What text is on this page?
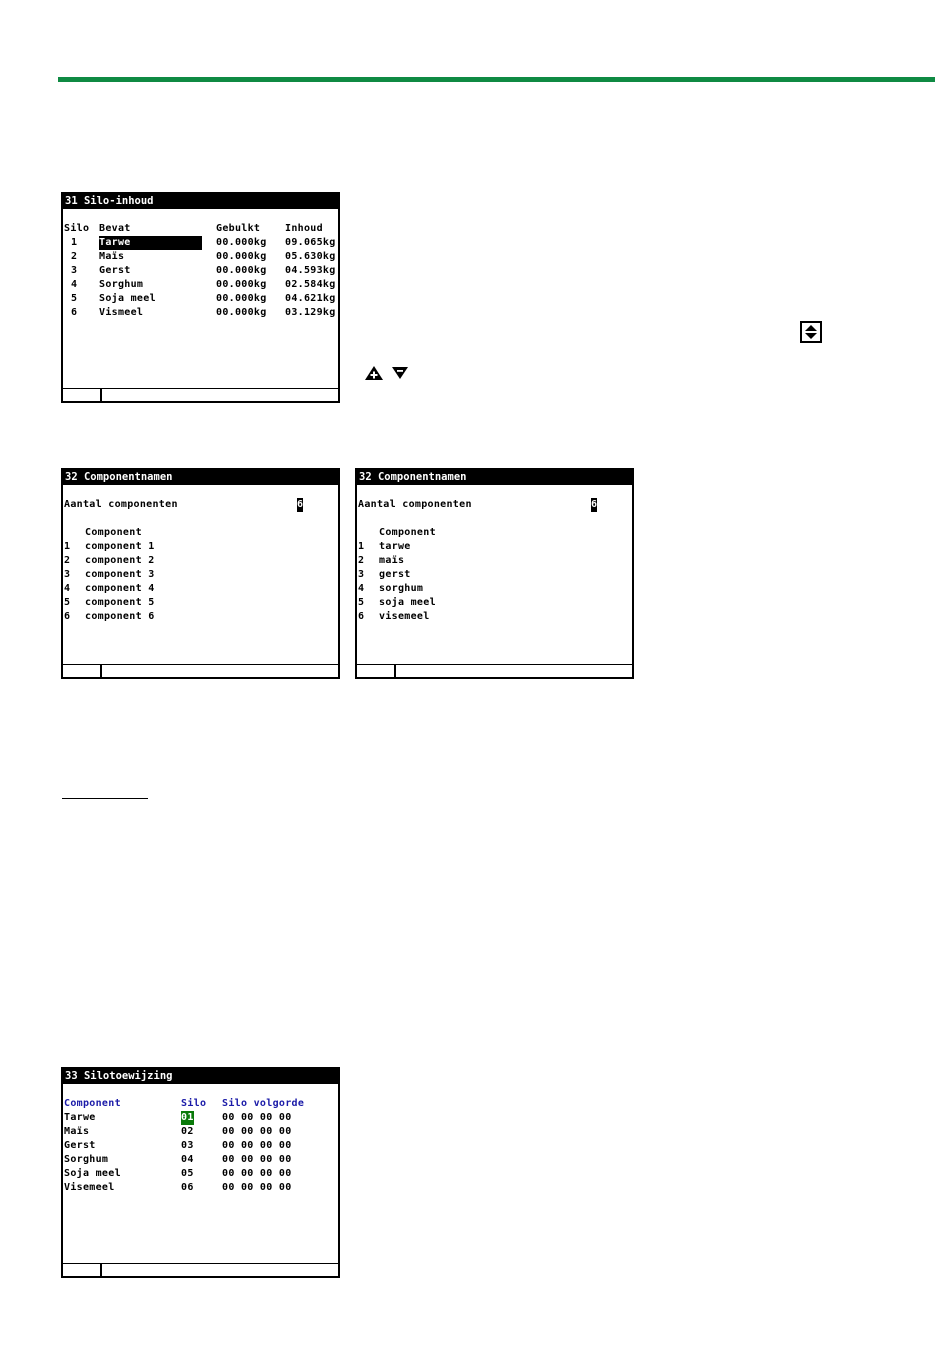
31 Silo-inhoud
Silo Bevat	Gebulkt Inhoud
1 Tarwe	00.000kg 09.065kg
2 Maïs	00.000kg 05.630kg
3 Gerst	00.000kg 04.593kg
4 Sorghum	00.000kg 02.584kg
5 Soja meel	00.000kg 04.621kg
6 Vismeel	00.000kg 03.129kg
32 Componentnamen
Aantal componenten	6
Component
1 component 1
2 component 2
3 component 3
4 component 4
5 component 5
6 component 6
32 Componentnamen
Aantal componenten	6
Component
1 tarwe
2 maïs
3 gerst
4 sorghum
5 soja meel
6 visemeel
33 Silotoewijzing
Component	Silo Silo volgorde
Tarwe	01	00 00 00 00
Maïs	02	00 00 00 00
Gerst	03	00 00 00 00
Sorghum	04	00 00 00 00
Soja meel	05	00 00 00 00
Visemeel	06	00 00 00 00
